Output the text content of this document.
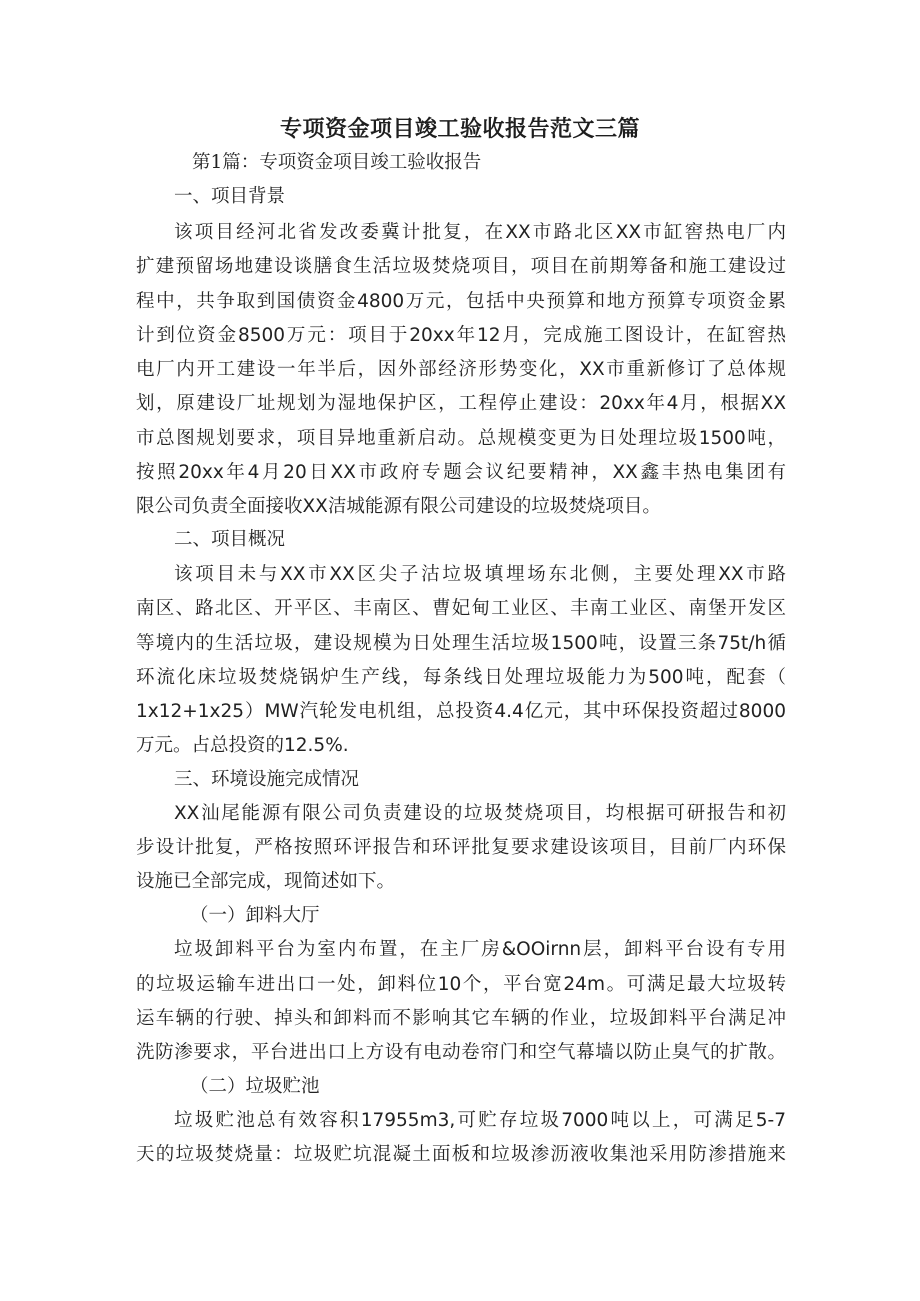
专项资金项目竣工验收报告范文三篇
第1篇：专项资金项目竣工验收报告
一、项目背景
该项目经河北省发改委冀计批复，在XX市路北区XX市缸窖热电厂内
扩建预留场地建设谈膳食生活垃圾焚烧项目，项目在前期筹备和施工建设过
程中，共争取到国债资金4800万元，包括中央预算和地方预算专项资金累
计到位资金8500万元：项目于20xx年12月，完成施工图设计，在缸窖热
电厂内开工建设一年半后，因外部经济形势变化，XX市重新修订了总体规
划，原建设厂址规划为湿地保护区，工程停止建设：20xx年4月，根据XX
市总图规划要求，项目异地重新启动。总规模变更为日处理垃圾1500吨，
按照20xx年4月20日XX市政府专题会议纪要精神，XX鑫丰热电集团有
限公司负责全面接收XX洁城能源有限公司建设的垃圾焚烧项目。
二、项目概况
该项目未与XX市XX区尖子沽垃圾填埋场东北侧，主要处理XX市路
南区、路北区、开平区、丰南区、曹妃甸工业区、丰南工业区、南堡开发区
等境内的生活垃圾，建设规模为日处理生活垃圾1500吨，设置三条75t/h循
环流化床垃圾焚烧锅炉生产线，每条线日处理垃圾能力为500吨，配套（
1x12+1x25）MW汽轮发电机组，总投资4.4亿元，其中环保投资超过8000
万元。占总投资的12.5%.
三、环境设施完成情况
XX汕尾能源有限公司负责建设的垃圾焚烧项目，均根据可研报告和初
步设计批复，严格按照环评报告和环评批复要求建设该项目，目前厂内环保
设施已全部完成，现简述如下。
（一）卸料大厅
垃圾卸料平台为室内布置，在主厂房&OOirnn层，卸料平台设有专用
的垃圾运输车进出口一处，卸料位10个，平台宽24m。可满足最大垃圾转
运车辆的行驶、掉头和卸料而不影响其它车辆的作业，垃圾卸料平台满足冲
洗防渗要求，平台进出口上方设有电动卷帘门和空气幕墙以防止臭气的扩散。
（二）垃圾贮池
垃圾贮池总有效容积17955m3,可贮存垃圾7000吨以上，可满足5-7
天的垃圾焚烧量：垃圾贮坑混凝土面板和垃圾渗沥液收集池采用防渗措施来
